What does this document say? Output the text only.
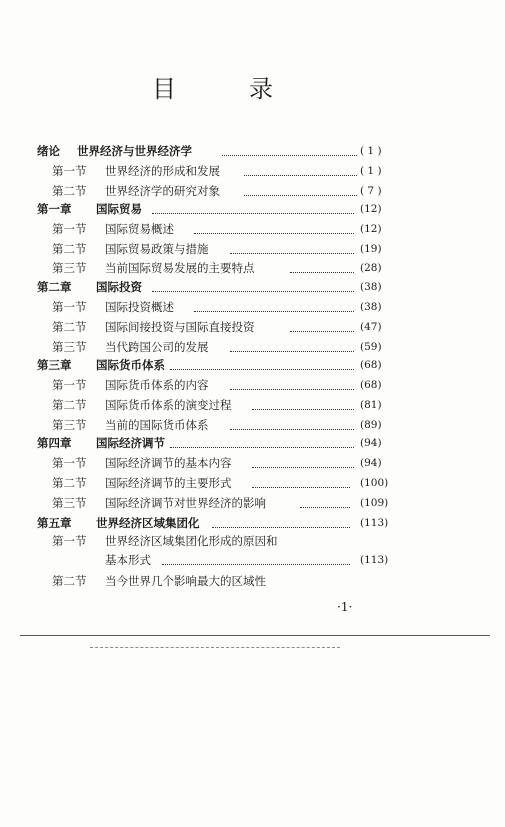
目	录
绪论 世界经济与世界经济学	( 1 )
第一节 世界经济的形成和发展	( 1 )
第二节 世界经济学的研究对象	( 7 )
第一章 国际贸易	(12)
第一节 国际贸易概述	(12)
第二节 国际贸易政策与措施	(19)
第三节 当前国际贸易发展的主要特点	(28)
第二章 国际投资	(38)
第一节 国际投资概述	(38)
第二节 国际间接投资与国际直接投资	(47)
第三节 当代跨国公司的发展	(59)
第三章 国际货币体系	(68)
第一节 国际货币体系的内容	(68)
第二节 国际货币体系的演变过程	(81)
第三节 当前的国际货币体系	(89)
第四章 国际经济调节	(94)
第一节 国际经济调节的基本内容	(94)
第二节 国际经济调节的主要形式	(100)
第三节 国际经济调节对世界经济的影响	(109)
第五章 世界经济区域集团化	(113)
第一节 世界经济区域集团化形成的原因和
基本形式	(113)
第二节 当今世界几个影响最大的区域性
·1·
